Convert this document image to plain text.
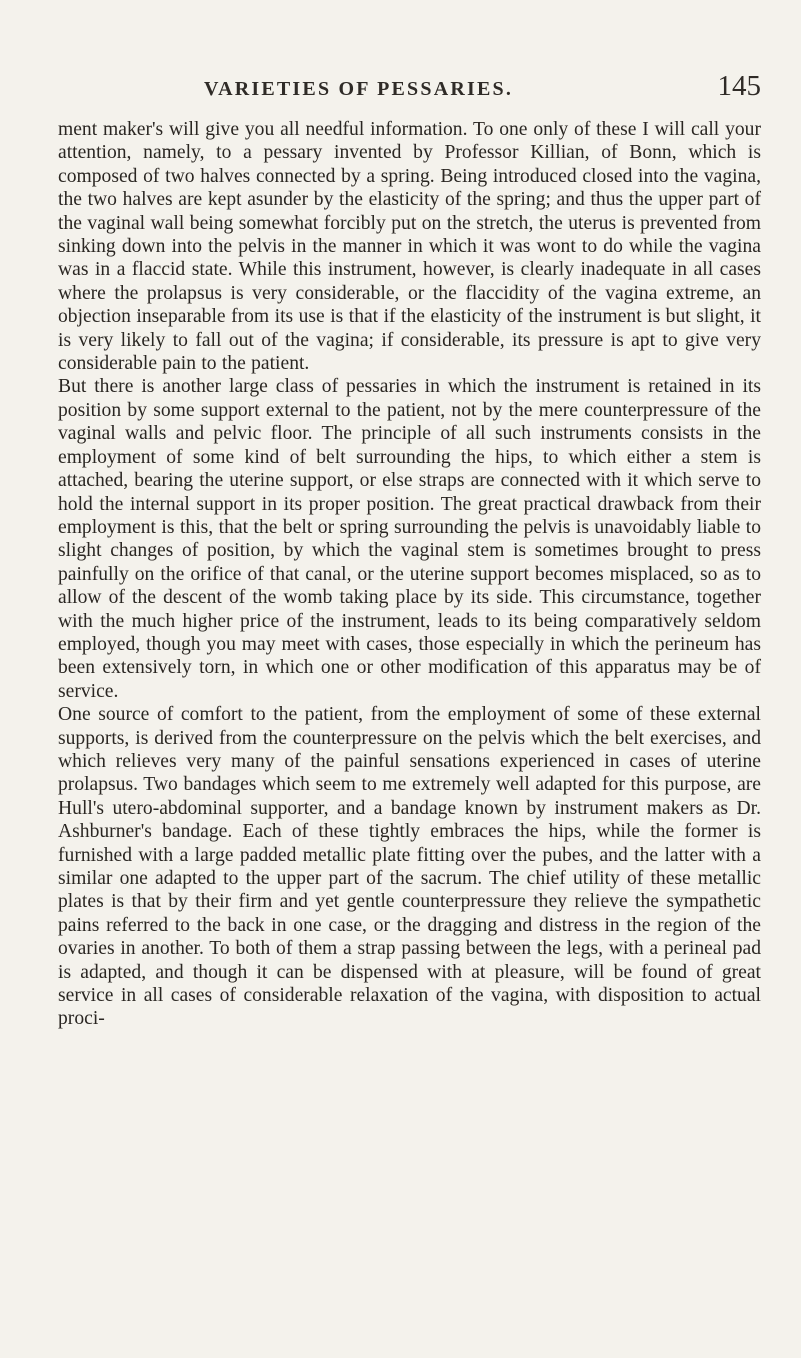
VARIETIES OF PESSARIES.	145

ment maker's will give you all needful information. To one only of these I will call your attention, namely, to a pessary invented by Professor Killian, of Bonn, which is composed of two halves connected by a spring. Being introduced closed into the vagina, the two halves are kept asunder by the elasticity of the spring; and thus the upper part of the vaginal wall being somewhat forcibly put on the stretch, the uterus is prevented from sinking down into the pelvis in the manner in which it was wont to do while the vagina was in a flaccid state. While this instrument, however, is clearly inadequate in all cases where the prolapsus is very considerable, or the flaccidity of the vagina extreme, an objection inseparable from its use is that if the elasticity of the instrument is but slight, it is very likely to fall out of the vagina; if considerable, its pressure is apt to give very considerable pain to the patient.

But there is another large class of pessaries in which the instrument is retained in its position by some support external to the patient, not by the mere counterpressure of the vaginal walls and pelvic floor. The principle of all such instruments consists in the employment of some kind of belt surrounding the hips, to which either a stem is attached, bearing the uterine support, or else straps are connected with it which serve to hold the internal support in its proper position. The great practical drawback from their employment is this, that the belt or spring surrounding the pelvis is unavoidably liable to slight changes of position, by which the vaginal stem is sometimes brought to press painfully on the orifice of that canal, or the uterine support becomes misplaced, so as to allow of the descent of the womb taking place by its side. This circumstance, together with the much higher price of the instrument, leads to its being comparatively seldom employed, though you may meet with cases, those especially in which the perineum has been extensively torn, in which one or other modification of this apparatus may be of service.

One source of comfort to the patient, from the employment of some of these external supports, is derived from the counterpressure on the pelvis which the belt exercises, and which relieves very many of the painful sensations experienced in cases of uterine prolapsus. Two bandages which seem to me extremely well adapted for this purpose, are Hull's utero-abdominal supporter, and a bandage known by instrument makers as Dr. Ashburner's bandage. Each of these tightly embraces the hips, while the former is furnished with a large padded metallic plate fitting over the pubes, and the latter with a similar one adapted to the upper part of the sacrum. The chief utility of these metallic plates is that by their firm and yet gentle counterpressure they relieve the sympathetic pains referred to the back in one case, or the dragging and distress in the region of the ovaries in another. To both of them a strap passing between the legs, with a perineal pad is adapted, and though it can be dispensed with at pleasure, will be found of great service in all cases of considerable relaxation of the vagina, with disposition to actual proci-
